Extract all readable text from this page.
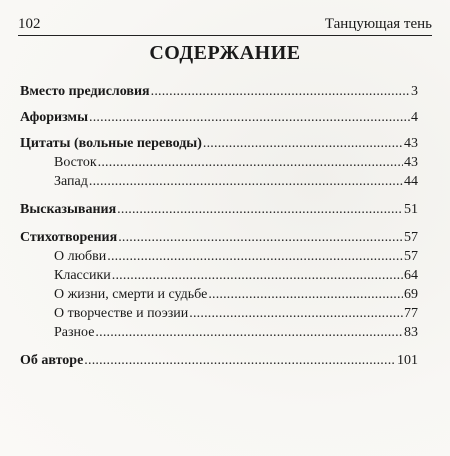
102	Танцующая тень
СОДЕРЖАНИЕ
Вместо предисловия .....	3
Афоризмы .....	4
Цитаты (вольные переводы) .....	43
Восток .....	43
Запад .....	44
Высказывания .....	51
Стихотворения .....	57
О любви .....	57
Классики .....	64
О жизни, смерти и судьбе .....	69
О творчестве и поэзии .....	77
Разное .....	83
Об авторе .....	101
